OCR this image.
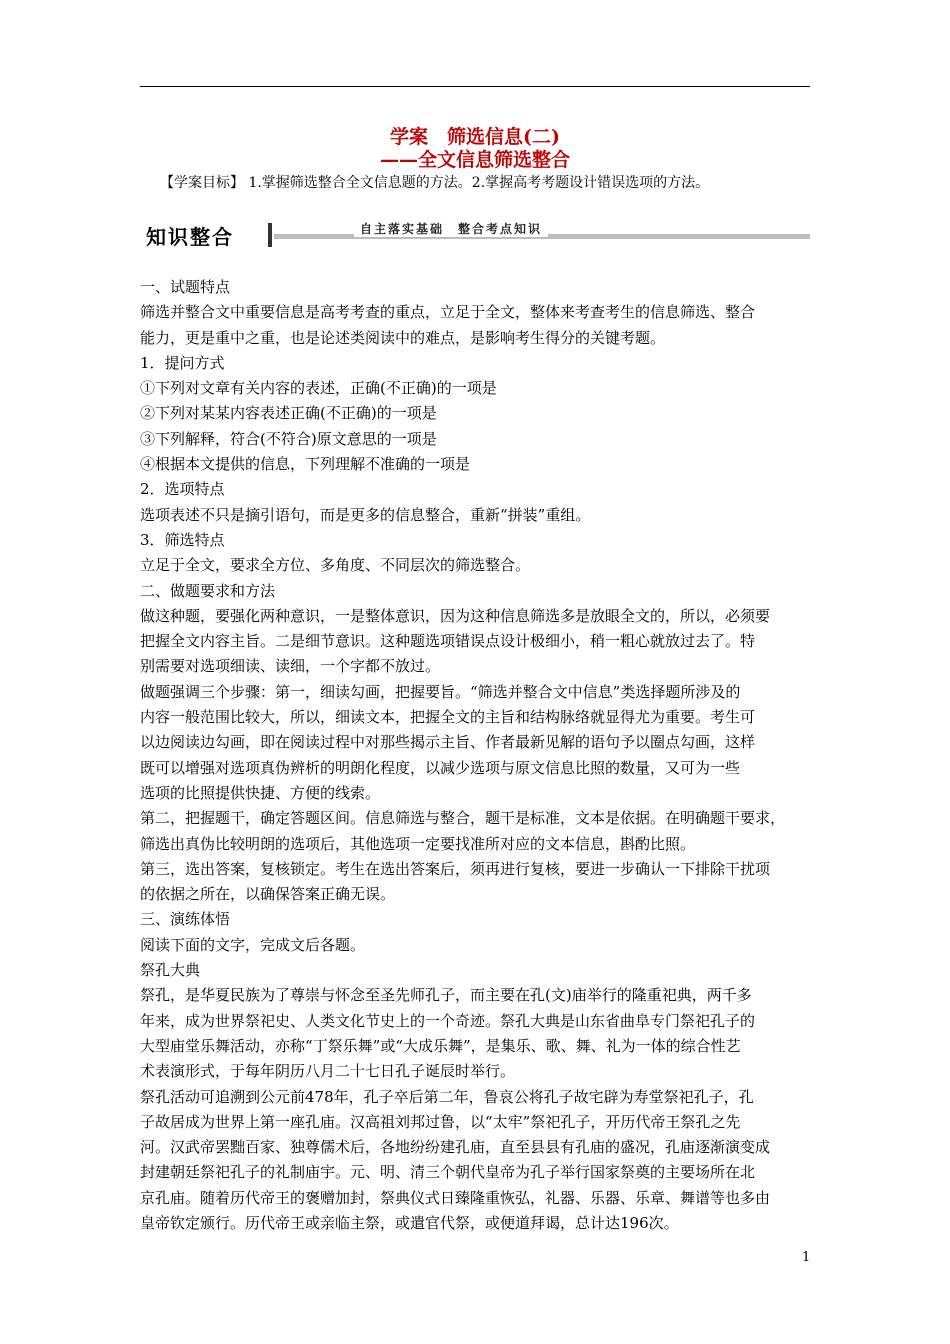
学案　筛选信息(二)
——全文信息筛选整合
【学案目标】 1.掌握筛选整合全文信息题的方法。2.掌握高考考题设计错误选项的方法。
知识整合	自主落实基础　整合考点知识

一、试题特点

筛选并整合文中重要信息是高考考查的重点，立足于全文，整体来考查考生的信息筛选、整合

能力，更是重中之重，也是论述类阅读中的难点，是影响考生得分的关键考题。

1．提问方式

①下列对文章有关内容的表述，正确(不正确)的一项是

②下列对某某内容表述正确(不正确)的一项是

③下列解释，符合(不符合)原文意思的一项是

④根据本文提供的信息，下列理解不准确的一项是

2．选项特点

选项表述不只是摘引语句，而是更多的信息整合，重新“拼装”重组。

3．筛选特点

立足于全文，要求全方位、多角度、不同层次的筛选整合。

二、做题要求和方法

做这种题，要强化两种意识，一是整体意识，因为这种信息筛选多是放眼全文的，所以，必须要

把握全文内容主旨。二是细节意识。这种题选项错误点设计极细小，稍一粗心就放过去了。特

别需要对选项细读、读细，一个字都不放过。

做题强调三个步骤：第一，细读勾画，把握要旨。“筛选并整合文中信息”类选择题所涉及的

内容一般范围比较大，所以，细读文本，把握全文的主旨和结构脉络就显得尤为重要。考生可

以边阅读边勾画，即在阅读过程中对那些揭示主旨、作者最新见解的语句予以圈点勾画，这样

既可以增强对选项真伪辨析的明朗化程度，以减少选项与原文信息比照的数量，又可为一些

选项的比照提供快捷、方便的线索。

第二，把握题干，确定答题区间。信息筛选与整合，题干是标准，文本是依据。在明确题干要求，

筛选出真伪比较明朗的选项后，其他选项一定要找准所对应的文本信息，斟酌比照。

第三，选出答案，复核锁定。考生在选出答案后，须再进行复核，要进一步确认一下排除干扰项

的依据之所在，以确保答案正确无误。

三、演练体悟

阅读下面的文字，完成文后各题。

祭孔大典

祭孔，是华夏民族为了尊崇与怀念至圣先师孔子，而主要在孔(文)庙举行的隆重祀典，两千多

年来，成为世界祭祀史、人类文化节史上的一个奇迹。祭孔大典是山东省曲阜专门祭祀孔子的

大型庙堂乐舞活动，亦称“丁祭乐舞”或“大成乐舞”，是集乐、歌、舞、礼为一体的综合性艺

术表演形式，于每年阴历八月二十七日孔子诞辰时举行。

祭孔活动可追溯到公元前478年，孔子卒后第二年，鲁哀公将孔子故宅辟为寿堂祭祀孔子，孔

子故居成为世界上第一座孔庙。汉高祖刘邦过鲁，以“太牢”祭祀孔子，开历代帝王祭孔之先

河。汉武帝罢黜百家、独尊儒术后，各地纷纷建孔庙，直至县县有孔庙的盛况，孔庙逐渐演变成

封建朝廷祭祀孔子的礼制庙宇。元、明、清三个朝代皇帝为孔子举行国家祭奠的主要场所在北

京孔庙。随着历代帝王的褒赠加封，祭典仪式日臻隆重恢弘，礼器、乐器、乐章、舞谱等也多由

皇帝钦定颁行。历代帝王或亲临主祭，或遣官代祭，或便道拜谒，总计达196次。

1
